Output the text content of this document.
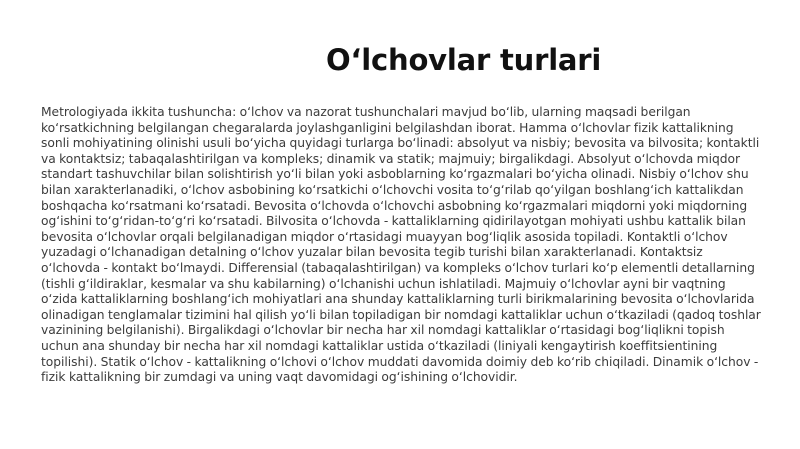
O‘lchovlar turlari
Metrologiyada ikkita tushuncha: o‘lchov va nazorat tushunchalari mavjud bo‘lib, ularning maqsadi berilgan ko‘rsatkichning belgilangan chegaralarda joylashganligini belgilashdan iborat. Hamma o‘lchovlar fizik kattalikning sonli mohiyatining olinishi usuli bo‘yicha quyidagi turlarga bo‘linadi: absolyut va nisbiy; bevosita va bilvosita; kontaktli va kontaktsiz; tabaqalashtirilgan va kompleks; dinamik va statik; majmuiy; birgalikdagi. Absolyut o‘lchovda miqdor standart tashuvchilar bilan solishtirish yo‘li bilan yoki asboblarning ko‘rgazmalari bo‘yicha olinadi. Nisbiy o‘lchov shu bilan xarakterlanadiki, o‘lchov asbobining ko‘rsatkichi o‘lchovchi vosita to‘g‘rilab qo‘yilgan boshlang‘ich kattalikdan boshqacha ko‘rsatmani ko‘rsatadi. Bevosita o‘lchovda o‘lchovchi asbobning ko‘rgazmalari miqdorni yoki miqdorning og‘ishini to‘g‘ridan-to‘g‘ri ko‘rsatadi. Bilvosita o‘lchovda - kattaliklarning qidirilayotgan mohiyati ushbu kattalik bilan bevosita o‘lchovlar orqali belgilanadigan miqdor o‘rtasidagi muayyan bog‘liqlik asosida topiladi. Kontaktli o‘lchov yuzadagi o‘lchanadigan detalning o‘lchov yuzalar bilan bevosita tegib turishi bilan xarakterlanadi. Kontaktsiz o‘lchovda - kontakt bo‘lmaydi. Differensial (tabaqalashtirilgan) va kompleks o‘lchov turlari ko‘p elementli detallarning (tishli g‘ildiraklar, kesmalar va shu kabilarning) o‘lchanishi uchun ishlatiladi. Majmuiy o‘lchovlar ayni bir vaqtning o‘zida kattaliklarning boshlang‘ich mohiyatlari ana shunday kattaliklarning turli birikmalarining bevosita o‘lchovlarida olinadigan tenglamalar tizimini hal qilish yo‘li bilan topiladigan bir nomdagi kattaliklar uchun o‘tkaziladi (qadoq toshlar vazinining belgilanishi). Birgalikdagi o‘lchovlar bir necha har xil nomdagi kattaliklar o‘rtasidagi bog‘liqlikni topish uchun ana shunday bir necha har xil nomdagi kattaliklar ustida o‘tkaziladi (liniyali kengaytirish koeffitsientining topilishi). Statik o‘lchov - kattalikning o‘lchovi o‘lchov muddati davomida doimiy deb ko‘rib chiqiladi. Dinamik o‘lchov - fizik kattalikning bir zumdagi va uning vaqt davomidagi og‘ishining o‘lchovidir.
